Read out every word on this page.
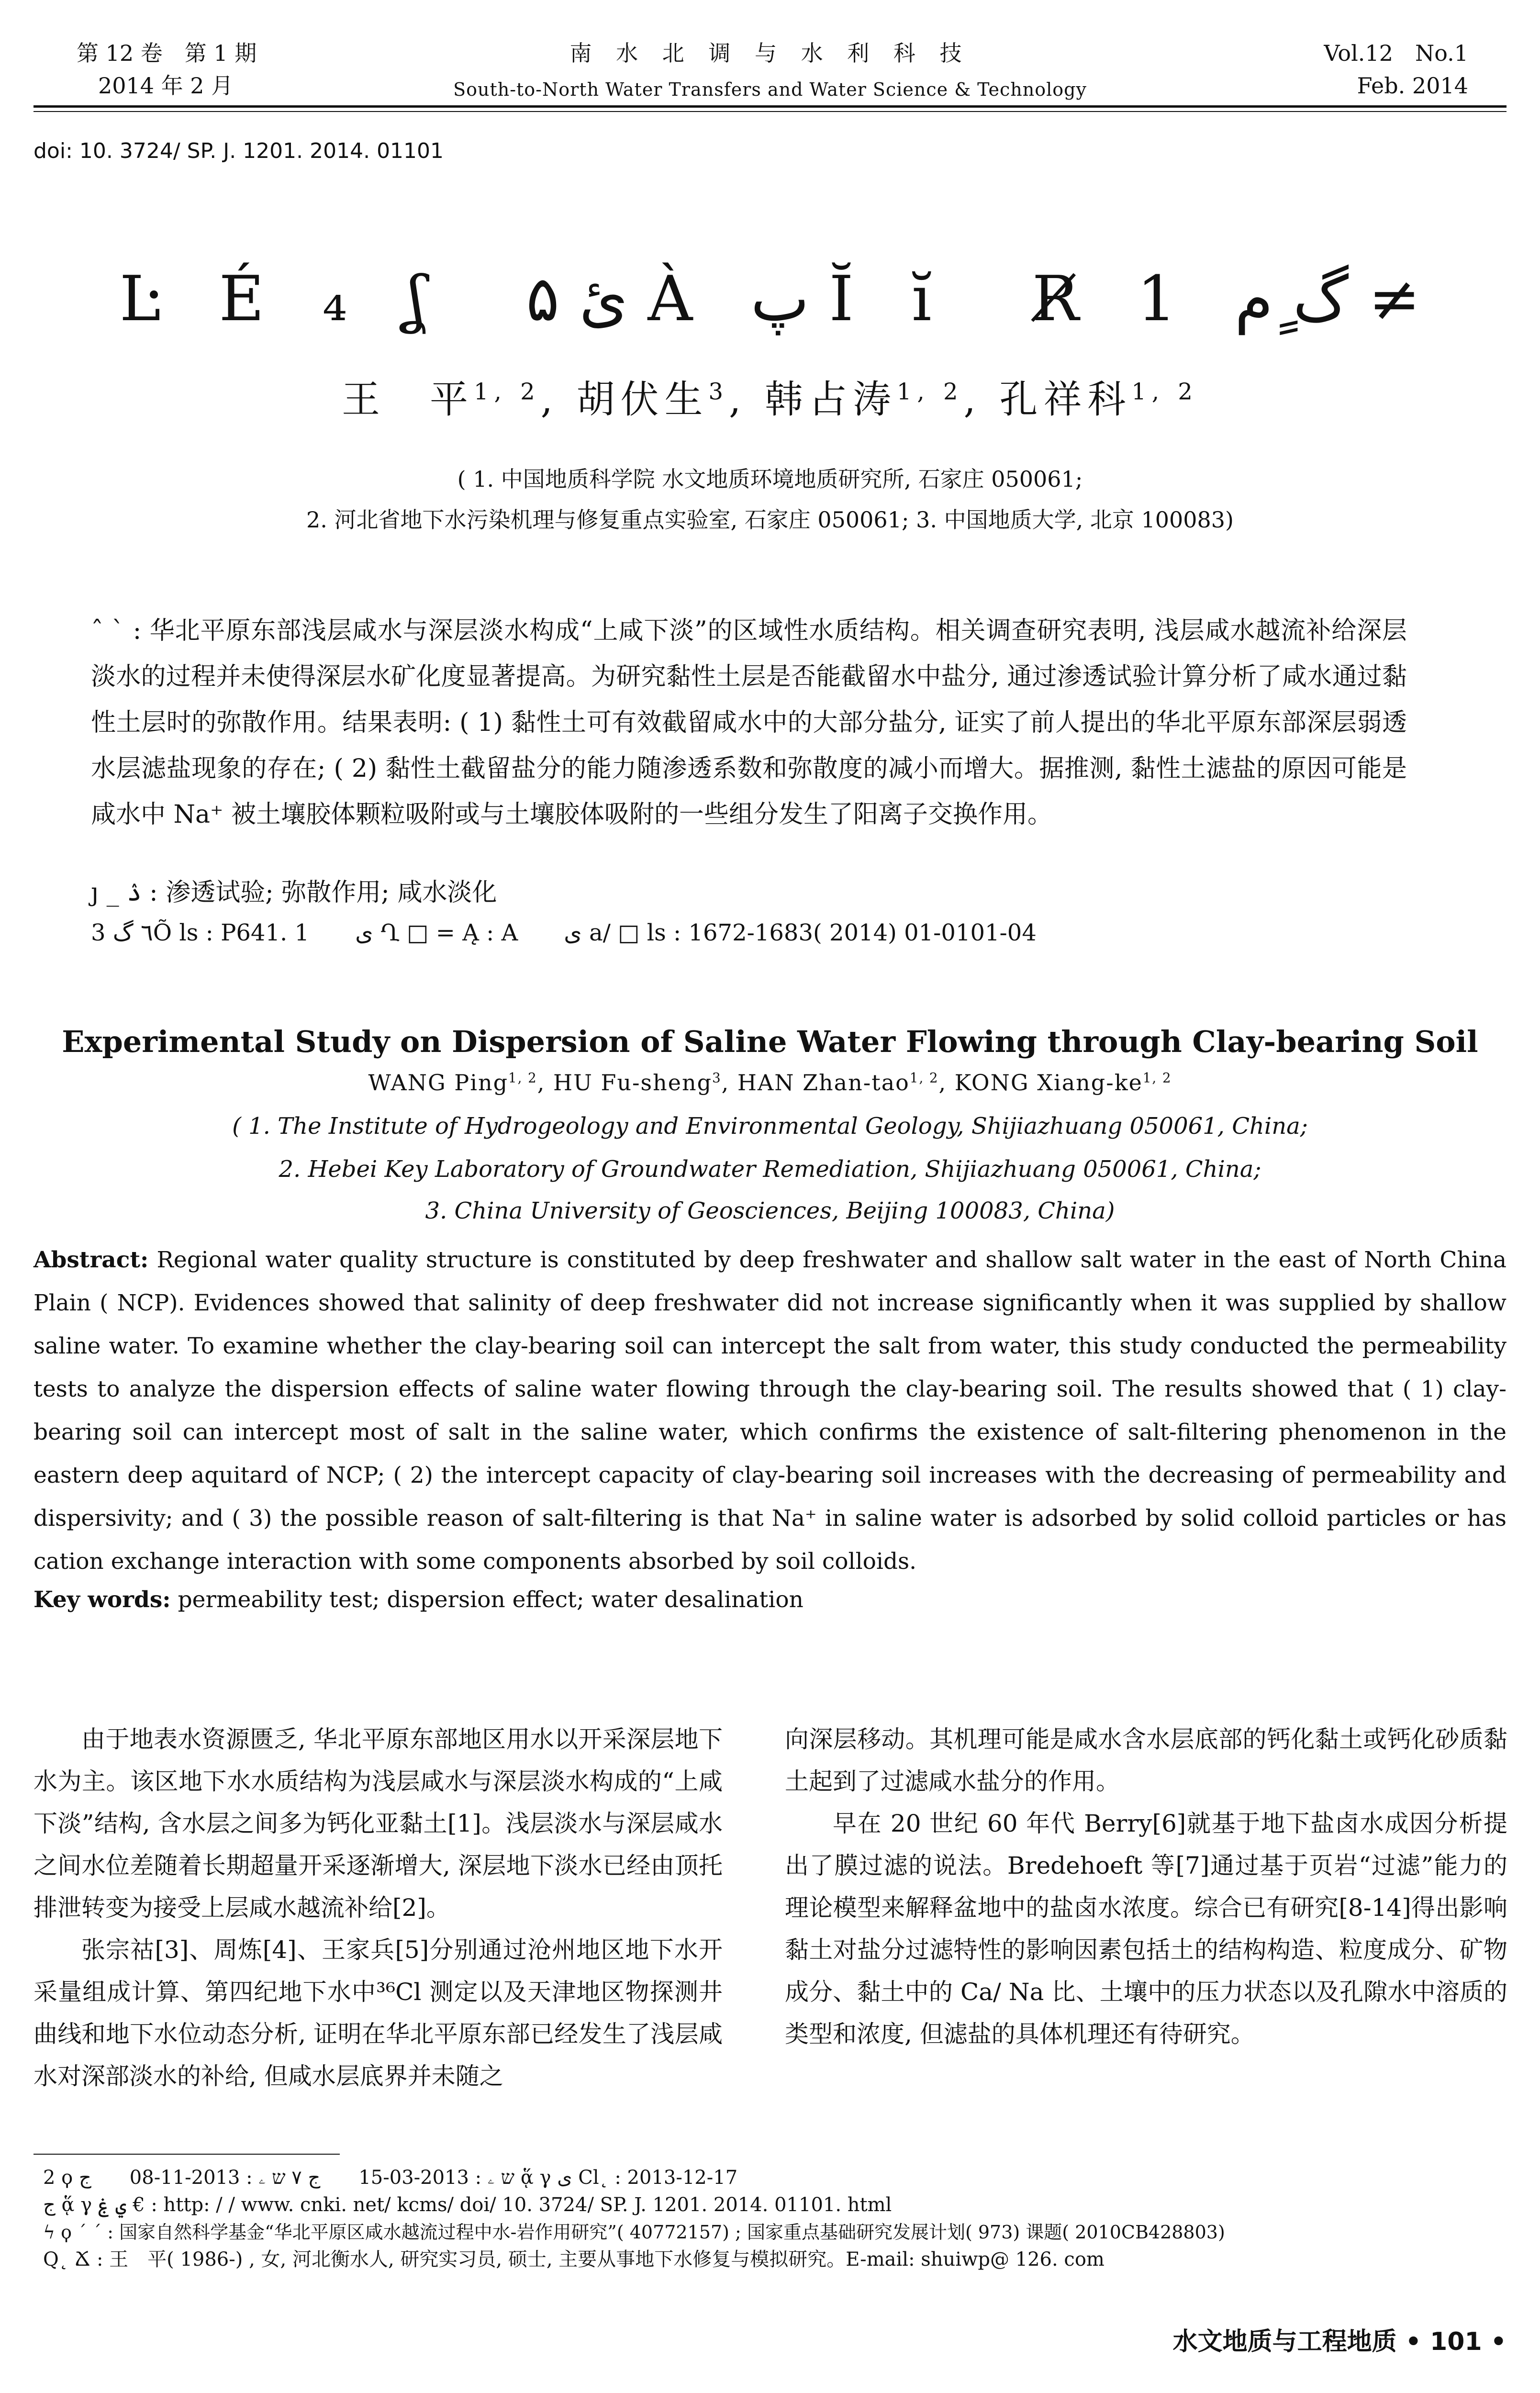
第 12 卷　第 1 期
2014 年 2 月
南 水 北 调 与 水 利 科 技
South-to-North Water Transfers and Water Science & Technology
Vol.12　No.1
Feb. 2014
doi: 10. 3724/ SP. J. 1201. 2014. 01101
Ŀ É ₄ ʆ　ئ ۵ À پ Ĭ ĭ　R̸ 1 گ ٍم ≠
王　平$^{1, 2}$, 胡伏生$^3$, 韩占涛$^{1, 2}$, 孔祥科$^{1, 2}$
( 1. 中国地质科学院 水文地质环境地质研究所, 石家庄 050061;
2. 河北省地下水污染机理与修复重点实验室, 石家庄 050061; 3. 中国地质大学, 北京 100083)
ˆ ˋ : 华北平原东部浅层咸水与深层淡水构成“上咸下淡”的区域性水质结构。相关调查研究表明, 浅层咸水越流补给深层淡水的过程并未使得深层水矿化度显著提高。为研究黏性土层是否能截留水中盐分, 通过渗透试验计算分析了咸水通过黏性土层时的弥散作用。结果表明: ( 1) 黏性土可有效截留咸水中的大部分盐分, 证实了前人提出的华北平原东部深层弱透水层滤盐现象的存在; ( 2) 黏性土截留盐分的能力随渗透系数和弥散度的减小而增大。据推测, 黏性土滤盐的原因可能是咸水中 Na⁺ 被土壤胶体颗粒吸附或与土壤胶体吸附的一些组分发生了阳离子交换作用。
ȷ _ ۮ : 渗透试验; 弥散作用; 咸水淡化
3 ٦ گÕ ls : P641. 1　　ى Ղ □ = Ą : A　　ى a/ □ ls : 1672-1683( 2014) 01-0101-04
Experimental Study on Dispersion of Saline Water Flowing through Clay-bearing Soil
WANG Ping$^{1, 2}$, HU Fu-sheng$^3$, HAN Zhan-tao$^{1, 2}$, KONG Xiang-ke$^{1, 2}$
( 1. The Institute of Hydrogeology and Environmental Geology, Shijiazhuang 050061, China;
2. Hebei Key Laboratory of Groundwater Remediation, Shijiazhuang 050061, China;
3. China University of Geosciences, Beijing 100083, China)
Abstract: Regional water quality structure is constituted by deep freshwater and shallow salt water in the east of North China Plain ( NCP). Evidences showed that salinity of deep freshwater did not increase significantly when it was supplied by shallow saline water. To examine whether the clay-bearing soil can intercept the salt from water, this study conducted the permeability tests to analyze the dispersion effects of saline water flowing through the clay-bearing soil. The results showed that ( 1) clay-bearing soil can intercept most of salt in the saline water, which confirms the existence of salt-filtering phenomenon in the eastern deep aquitard of NCP; ( 2) the intercept capacity of clay-bearing soil increases with the decreasing of permeability and dispersivity; and ( 3) the possible reason of salt-filtering is that Na⁺ in saline water is adsorbed by solid colloid particles or has cation exchange interaction with some components absorbed by soil colloids.
Key words: permeability test; dispersion effect; water desalination

由于地表水资源匮乏, 华北平原东部地区用水以开采深层地下水为主。该区地下水水质结构为浅层咸水与深层淡水构成的“上咸下淡”结构, 含水层之间多为钙化亚黏土[1]。浅层淡水与深层咸水之间水位差随着长期超量开采逐渐增大, 深层地下淡水已经由顶托排泄转变为接受上层咸水越流补给[2]。

张宗祜[3]、周炼[4]、王家兵[5]分别通过沧州地区地下水开采量组成计算、第四纪地下水中³⁶Cl 测定以及天津地区物探测井曲线和地下水位动态分析, 证明在华北平原东部已经发生了浅层咸水对深部淡水的补给, 但咸水层底界并未随之

向深层移动。其机理可能是咸水含水层底部的钙化黏土或钙化砂质黏土起到了过滤咸水盐分的作用。

早在 20 世纪 60 年代 Berry[6]就基于地下盐卤水成因分析提出了膜过滤的说法。Bredehoeft 等[7]通过基于页岩“过滤”能力的理论模型来解释盆地中的盐卤水浓度。综合已有研究[8-14]得出影响黏土对盐分过滤特性的影响因素包括土的结构构造、粒度成分、矿物成分、黏土中的 Ca/ Na 比、土壤中的压力状态以及孔隙水中溶质的类型和浓度, 但滤盐的具体机理还有待研究。

2 ϙ ש ۦ : 2013-03-15　　ج ۷ ש ۦ : 2013-11-08　　ج ᾅ γ ى Cl˛ : 2013-12-17
ج ᾅ γ ي ۼ € : http: / / www. cnki. net/ kcms/ doi/ 10. 3724/ SP. J. 1201. 2014. 01101. html
ϟ ϙ ´ ˊ : 国家自然科学基金“华北平原区咸水越流过程中水-岩作用研究”( 40772157) ; 国家重点基础研究发展计划( 973) 课题( 2010CB428803)
Q˛ Ճ : 王　平( 1986-) , 女, 河北衡水人, 研究实习员, 硕士, 主要从事地下水修复与模拟研究。E-mail: shuiwp@ 126. com
水文地质与工程地质 • 101 •
